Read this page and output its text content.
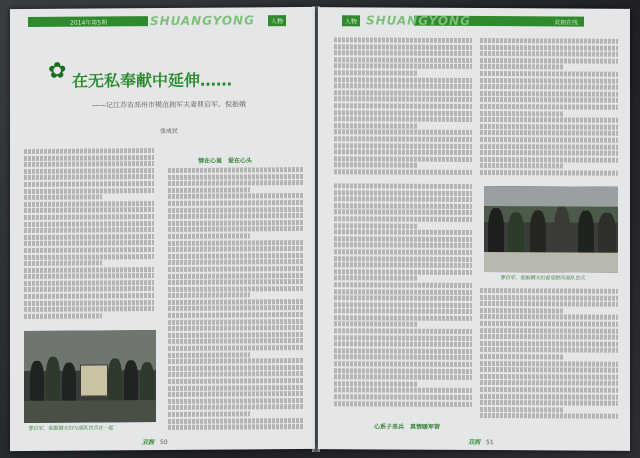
2014年第5期	SHUANGYONG	人物
✿ 在无私奉献中延伸……
——记江苏省邳州市模范拥军夫妻曹启军、倪振娥
张成民
情在心里　爱在心头
曹启军、倪振娥夫妇与部队官兵在一起
双拥 50
人物 SHUANGYONG	双拥在线
曹启军、倪振娥夫妇看望慰问部队官兵
心系子弟兵　真情暖军营
双拥 51
